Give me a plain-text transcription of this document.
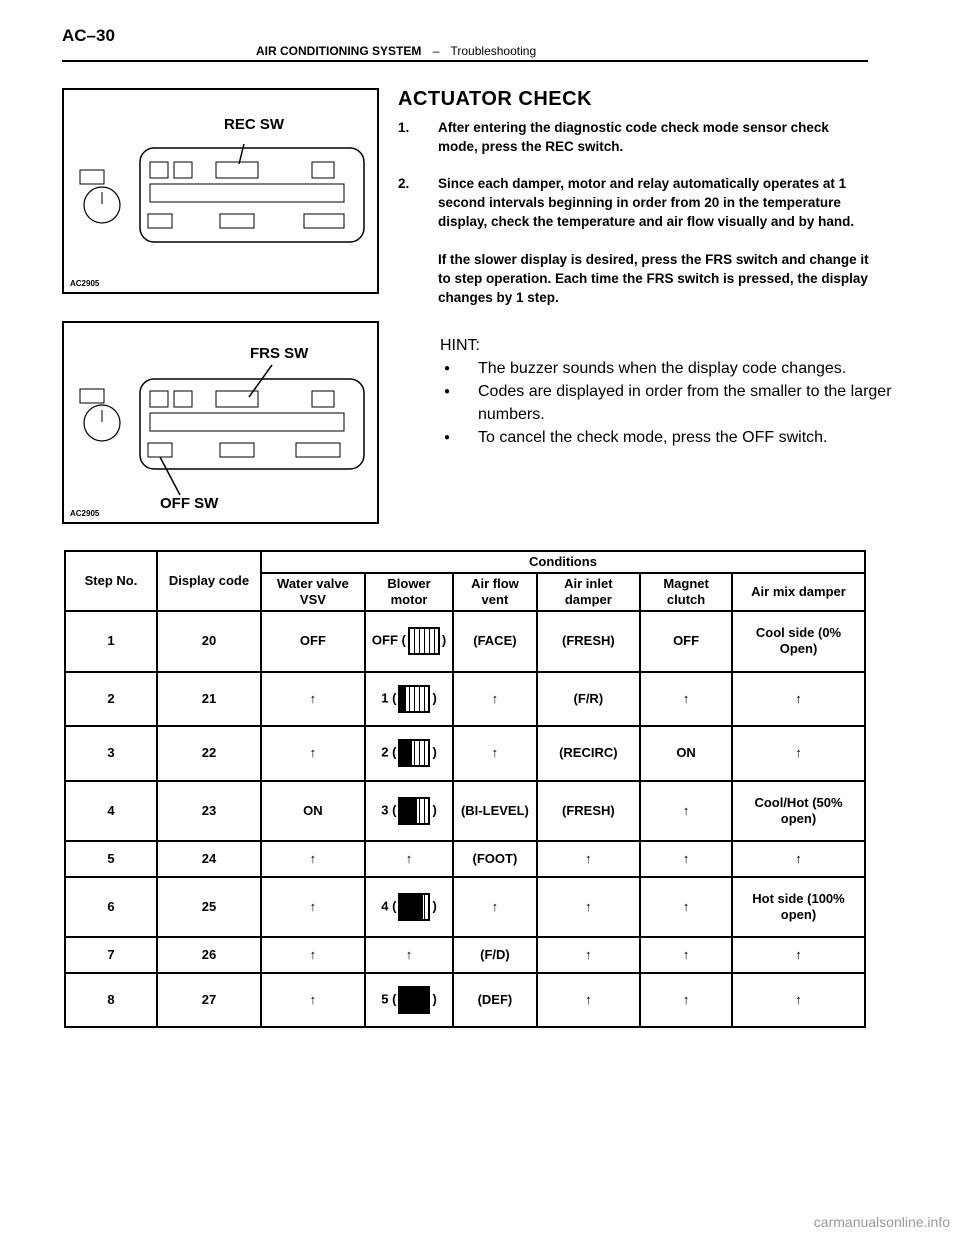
AC–30
AIR CONDITIONING SYSTEM – Troubleshooting
REC SW
AC2905
FRS SW
OFF SW
AC2905
ACTUATOR CHECK
1. After entering the diagnostic code check mode sensor check mode, press the REC switch.
2. Since each damper, motor and relay automatically operates at 1 second intervals beginning in order from 20 in the temperature display, check the temperature and air flow visually and by hand.
If the slower display is desired, press the FRS switch and change it to step operation. Each time the FRS switch is pressed, the display changes by 1 step.
HINT:
● The buzzer sounds when the display code changes.
● Codes are displayed in order from the smaller to the larger numbers.
● To cancel the check mode, press the OFF switch.
Step No.	Display code	Conditions					
		Water valve VSV	Blower motor	Air flow vent	Air inlet damper	Magnet clutch	Air mix damper
1	20	OFF	OFF ( )	(FACE)	(FRESH)	OFF	Cool side (0% Open)
2	21	↑	1 ( )	↑	(F/R)	↑	↑
3	22	↑	2 ( )	↑	(RECIRC)	ON	↑
4	23	ON	3 ( )	(BI-LEVEL)	(FRESH)	↑	Cool/Hot (50% open)
5	24	↑	↑	(FOOT)	↑	↑	↑
6	25	↑	4 ( )	↑	↑	↑	Hot side (100% open)
7	26	↑	↑	(F/D)	↑	↑	↑
8	27	↑	5 ( )	(DEF)	↑	↑	↑
carmanualsonline.info
